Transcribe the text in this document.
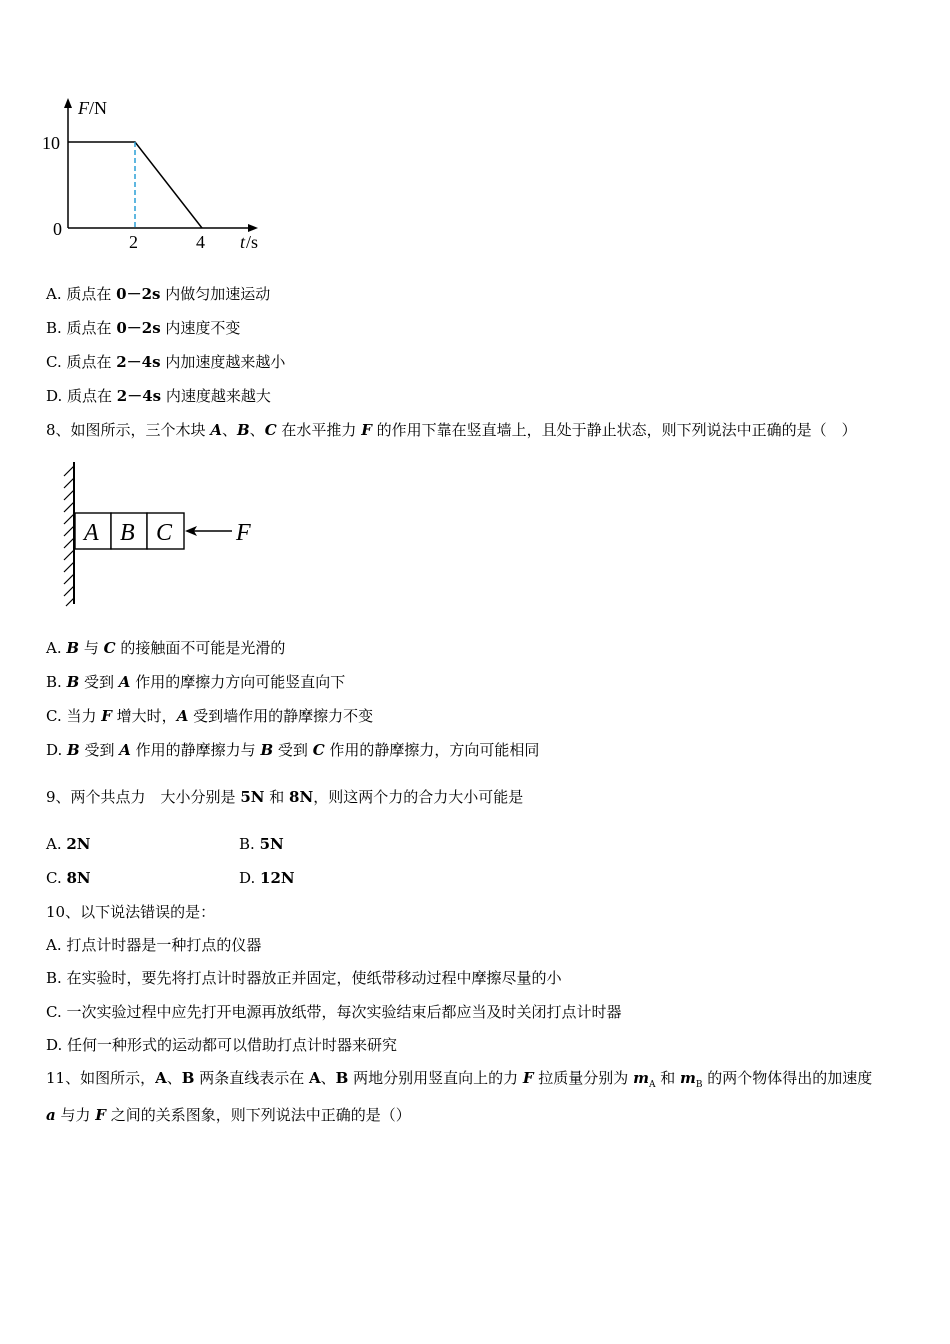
F /N
10
0
2	4 t /s
A. 质点在 0－2s 内做匀加速运动
B. 质点在 0－2s 内速度不变
C. 质点在 2－4s 内加速度越来越小
D. 质点在 2－4s 内速度越来越大
8、如图所示，三个木块 A、B、C 在水平推力 F 的作用下靠在竖直墙上，且处于静止状态，则下列说法中正确的是（　）
A B C	F
A. B 与 C 的接触面不可能是光滑的
B. B 受到 A 作用的摩擦力方向可能竖直向下
C. 当力 F 增大时，A 受到墙作用的静摩擦力不变
D. B 受到 A 作用的静摩擦力与 B 受到 C 作用的静摩擦力，方向可能相同
9、两个共点力　大小分别是 5N 和 8N，则这两个力的合力大小可能是
A. 2N	B. 5N
C. 8N	D. 12N
10、以下说法错误的是：
A. 打点计时器是一种打点的仪器
B. 在实验时，要先将打点计时器放正并固定，使纸带移动过程中摩擦尽量的小
C. 一次实验过程中应先打开电源再放纸带，每次实验结束后都应当及时关闭打点计时器
D. 任何一种形式的运动都可以借助打点计时器来研究
11、如图所示，A、B 两条直线表示在 A、B 两地分别用竖直向上的力 F 拉质量分别为 $m_A$ 和 $m_B$ 的两个物体得出的加速度
a 与力 F 之间的关系图象，则下列说法中正确的是（）
